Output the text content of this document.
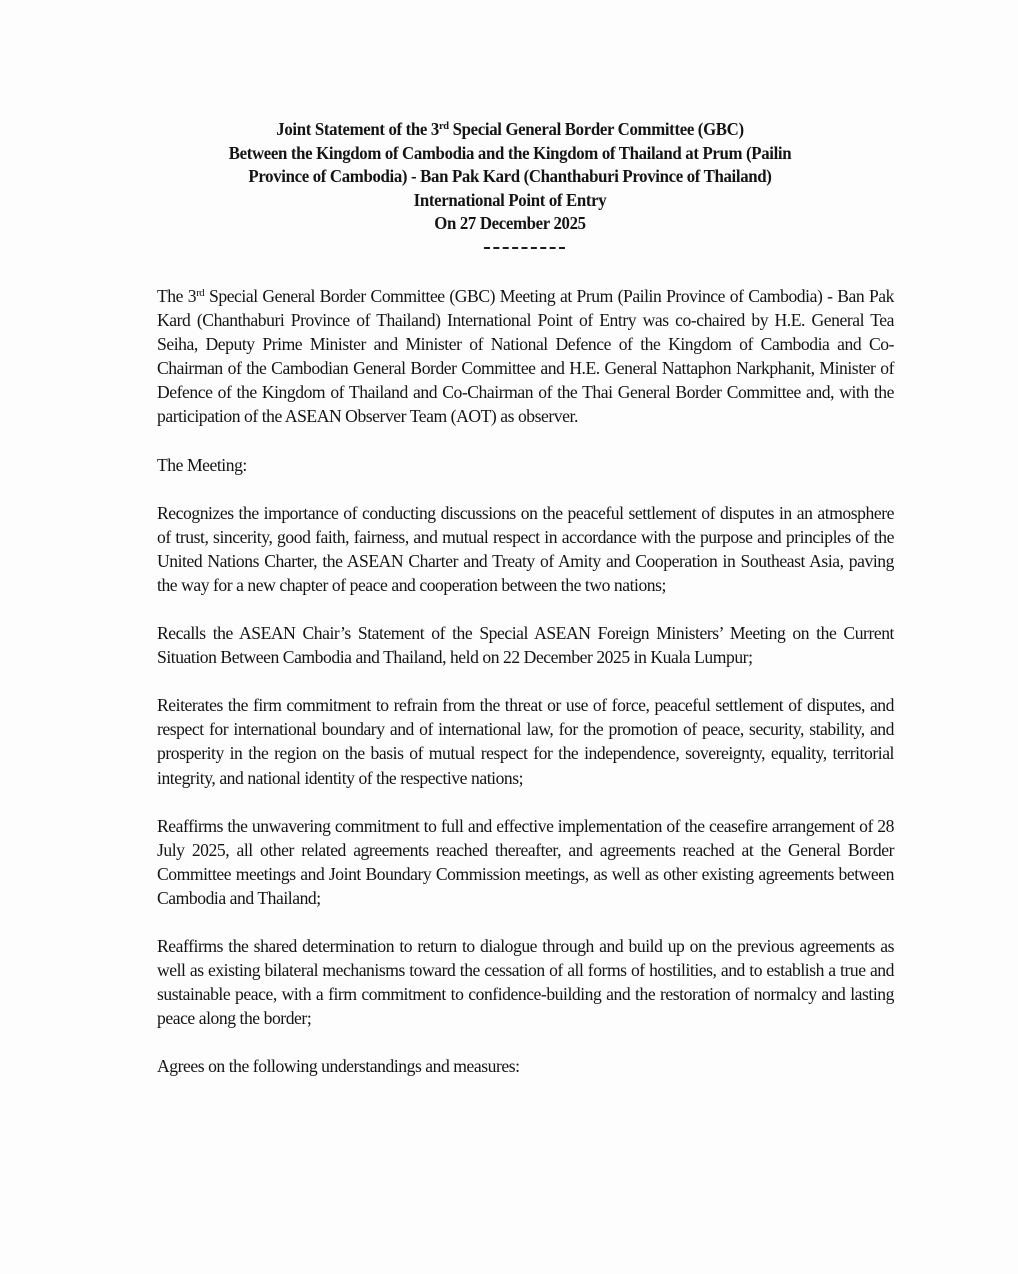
Joint Statement of the 3rd Special General Border Committee (GBC)
Between the Kingdom of Cambodia and the Kingdom of Thailand at Prum (Pailin
Province of Cambodia) - Ban Pak Kard (Chanthaburi Province of Thailand)
International Point of Entry
On 27 December 2025

The 3rd Special General Border Committee (GBC) Meeting at Prum (Pailin Province of Cambodia) - Ban Pak Kard (Chanthaburi Province of Thailand) International Point of Entry was co-chaired by H.E. General Tea Seiha, Deputy Prime Minister and Minister of National Defence of the Kingdom of Cambodia and Co-Chairman of the Cambodian General Border Committee and H.E. General Nattaphon Narkphanit, Minister of Defence of the Kingdom of Thailand and Co-Chairman of the Thai General Border Committee and, with the participation of the ASEAN Observer Team (AOT) as observer.

The Meeting:

Recognizes the importance of conducting discussions on the peaceful settlement of disputes in an atmosphere of trust, sincerity, good faith, fairness, and mutual respect in accordance with the purpose and principles of the United Nations Charter, the ASEAN Charter and Treaty of Amity and Cooperation in Southeast Asia, paving the way for a new chapter of peace and cooperation between the two nations;

Recalls the ASEAN Chair’s Statement of the Special ASEAN Foreign Ministers’ Meeting on the Current Situation Between Cambodia and Thailand, held on 22 December 2025 in Kuala Lumpur;

Reiterates the firm commitment to refrain from the threat or use of force, peaceful settlement of disputes, and respect for international boundary and of international law, for the promotion of peace, security, stability, and prosperity in the region on the basis of mutual respect for the independence, sovereignty, equality, territorial integrity, and national identity of the respective nations;

Reaffirms the unwavering commitment to full and effective implementation of the ceasefire arrangement of 28 July 2025, all other related agreements reached thereafter, and agreements reached at the General Border Committee meetings and Joint Boundary Commission meetings, as well as other existing agreements between Cambodia and Thailand;

Reaffirms the shared determination to return to dialogue through and build up on the previous agreements as well as existing bilateral mechanisms toward the cessation of all forms of hostilities, and to establish a true and sustainable peace, with a firm commitment to confidence-building and the restoration of normalcy and lasting peace along the border;

Agrees on the following understandings and measures:
